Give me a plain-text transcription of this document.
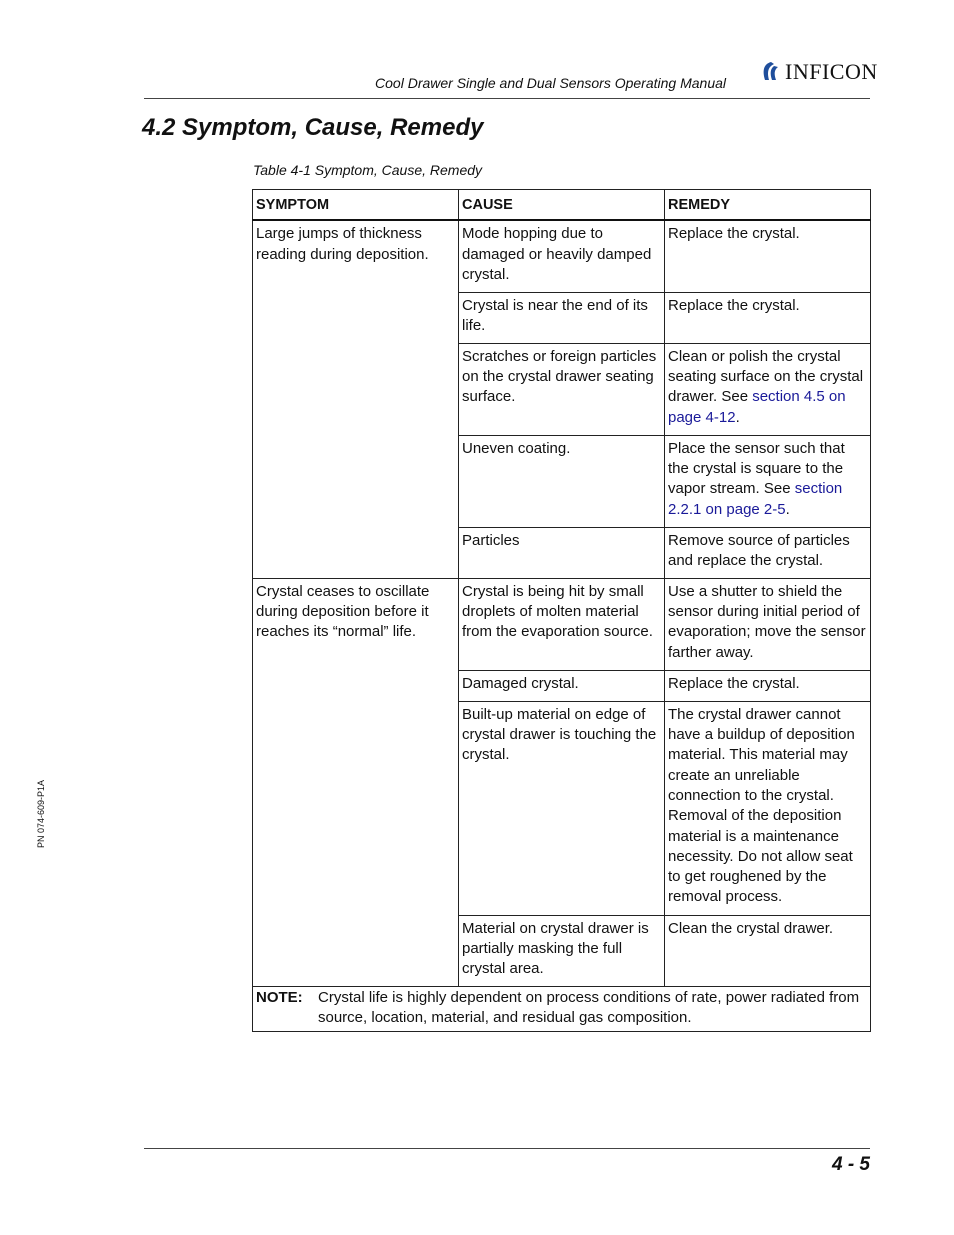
Cool Drawer Single and Dual Sensors Operating Manual	INFICON
4.2 Symptom, Cause, Remedy
Table 4-1 Symptom, Cause, Remedy
SYMPTOM	CAUSE	REMEDY
Large jumps of thickness reading during deposition.	Mode hopping due to damaged or heavily damped crystal.	Replace the crystal.
	Crystal is near the end of its life.	Replace the crystal.
	Scratches or foreign particles on the crystal drawer seating surface.	Clean or polish the crystal seating surface on the crystal drawer. See section 4.5 on page 4-12.
	Uneven coating.	Place the sensor such that the crystal is square to the vapor stream. See section 2.2.1 on page 2-5.
	Particles	Remove source of particles and replace the crystal.
Crystal ceases to oscillate during deposition before it reaches its “normal” life.	Crystal is being hit by small droplets of molten material from the evaporation source.	Use a shutter to shield the sensor during initial period of evaporation; move the sensor farther away.
	Damaged crystal.	Replace the crystal.
	Built-up material on edge of crystal drawer is touching the crystal.	The crystal drawer cannot have a buildup of deposition material. This material may create an unreliable connection to the crystal. Removal of the deposition material is a maintenance necessity. Do not allow seat to get roughened by the removal process.
	Material on crystal drawer is partially masking the full crystal area.	Clean the crystal drawer.

NOTE: Crystal life is highly dependent on process conditions of rate, power radiated from source, location, material, and residual gas composition.		
PN 074-609-P1A
4 - 5
